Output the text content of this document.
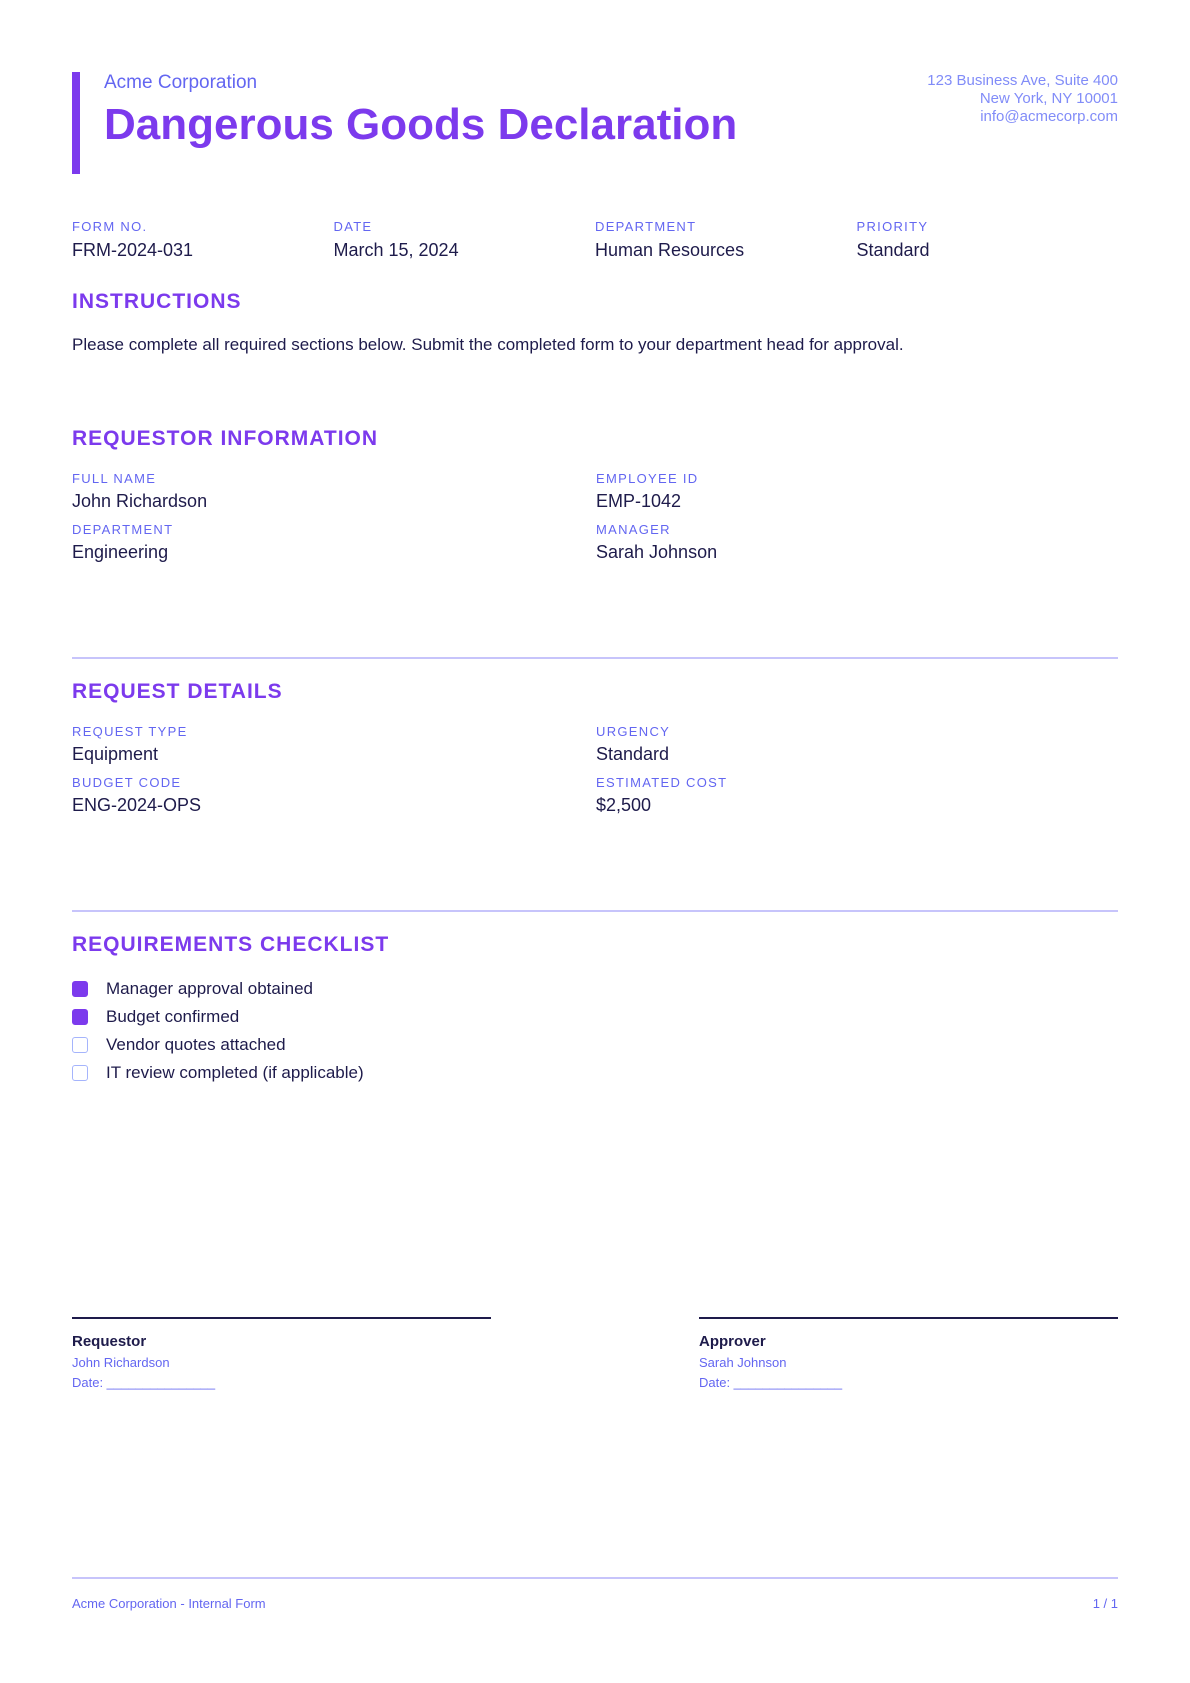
Acme Corporation
Dangerous Goods Declaration
123 Business Ave, Suite 400
New York, NY 10001
info@acmecorp.com
FORM NO.
FRM-2024-031
DATE
March 15, 2024
DEPARTMENT
Human Resources
PRIORITY
Standard
INSTRUCTIONS
Please complete all required sections below. Submit the completed form to your department head for approval.
REQUESTOR INFORMATION
FULL NAME
John Richardson
EMPLOYEE ID
EMP-1042
DEPARTMENT
Engineering
MANAGER
Sarah Johnson
REQUEST DETAILS
REQUEST TYPE
Equipment
URGENCY
Standard
BUDGET CODE
ENG-2024-OPS
ESTIMATED COST
$2,500
REQUIREMENTS CHECKLIST
Manager approval obtained
Budget confirmed
Vendor quotes attached
IT review completed (if applicable)
Requestor
John Richardson
Date: _______________
Approver
Sarah Johnson
Date: _______________
Acme Corporation - Internal Form	1 / 1
